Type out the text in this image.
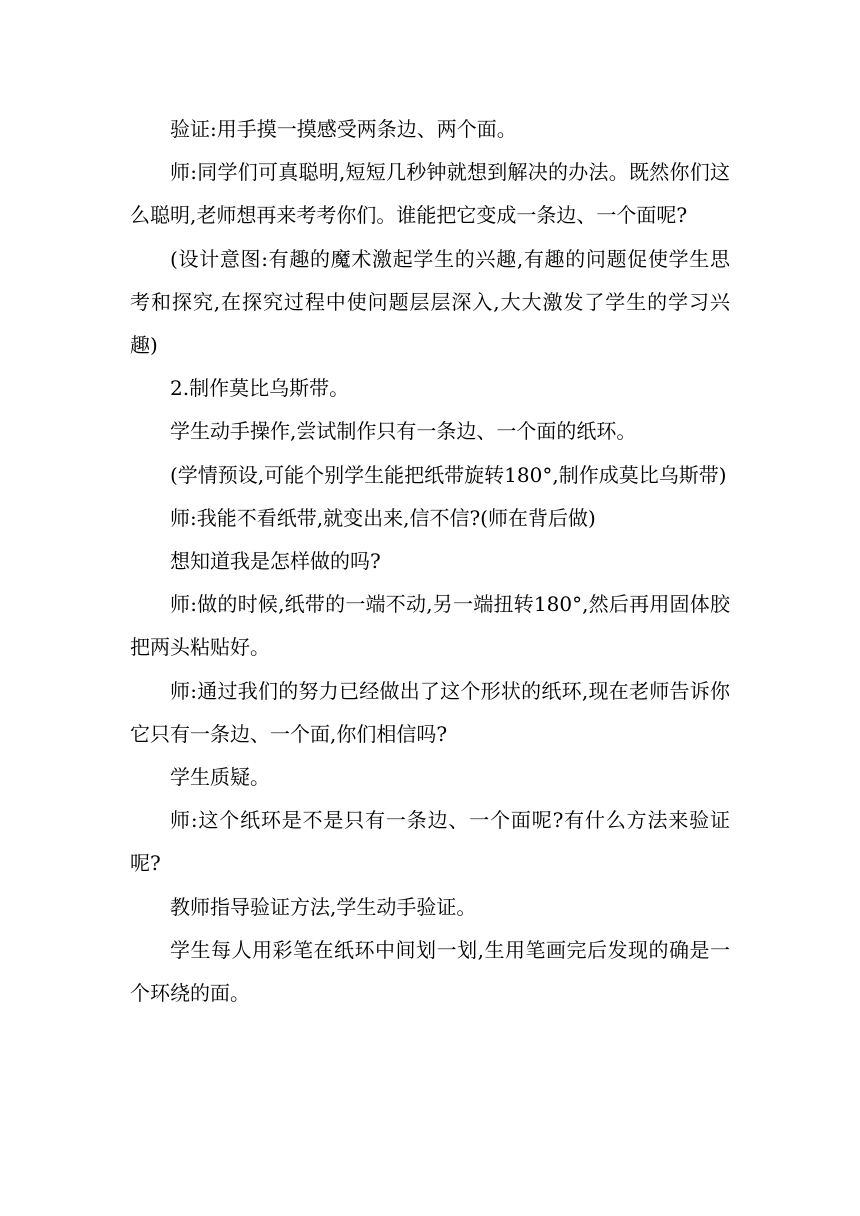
验证:用手摸一摸感受两条边、两个面。

师:同学们可真聪明,短短几秒钟就想到解决的办法。既然你们这么聪明,老师想再来考考你们。谁能把它变成一条边、一个面呢?

(设计意图:有趣的魔术激起学生的兴趣,有趣的问题促使学生思考和探究,在探究过程中使问题层层深入,大大激发了学生的学习兴趣)

2.制作莫比乌斯带。

学生动手操作,尝试制作只有一条边、一个面的纸环。

(学情预设,可能个别学生能把纸带旋转180°,制作成莫比乌斯带)

师:我能不看纸带,就变出来,信不信?(师在背后做)

想知道我是怎样做的吗?

师:做的时候,纸带的一端不动,另一端扭转180°,然后再用固体胶把两头粘贴好。

师:通过我们的努力已经做出了这个形状的纸环,现在老师告诉你它只有一条边、一个面,你们相信吗?

学生质疑。

师:这个纸环是不是只有一条边、一个面呢?有什么方法来验证呢?

教师指导验证方法,学生动手验证。

学生每人用彩笔在纸环中间划一划,生用笔画完后发现的确是一个环绕的面。
